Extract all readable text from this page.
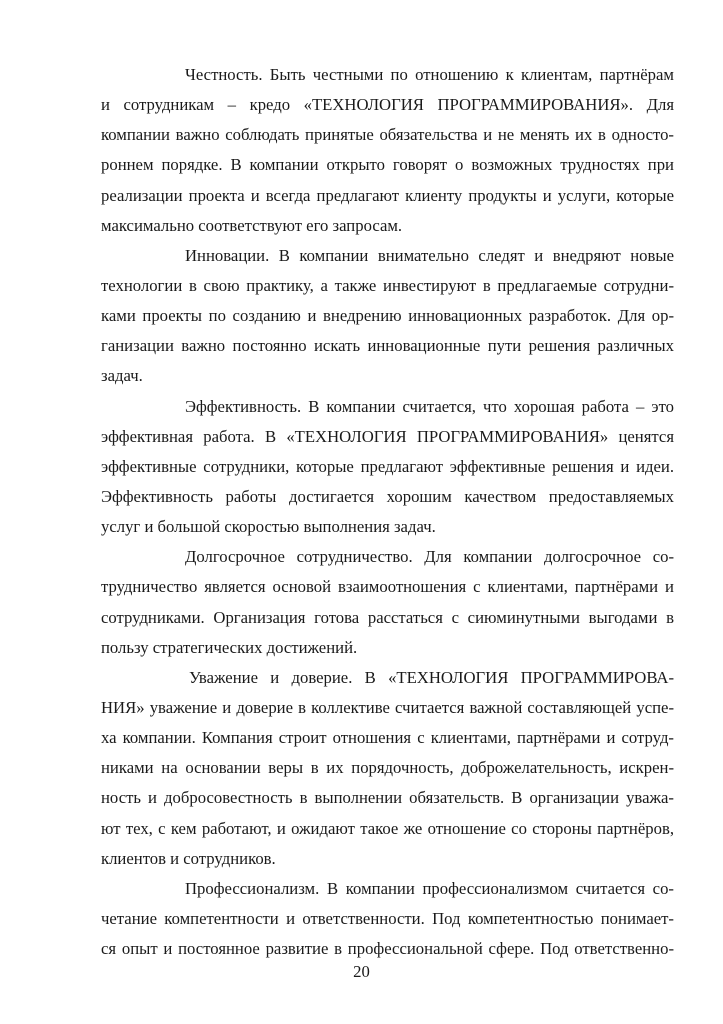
Честность. Быть честными по отношению к клиентам, партнёрам
и сотрудникам – кредо «ТЕХНОЛОГИЯ ПРОГРАММИРОВАНИЯ». Для
компании важно соблюдать принятые обязательства и не менять их в односто-
роннем порядке. В компании открыто говорят о возможных трудностях при
реализации проекта и всегда предлагают клиенту продукты и услуги, которые
максимально соответствуют его запросам.
Инновации. В компании внимательно следят и внедряют новые
технологии в свою практику, а также инвестируют в предлагаемые сотрудни-
ками проекты по созданию и внедрению инновационных разработок. Для ор-
ганизации важно постоянно искать инновационные пути решения различных
задач.
Эффективность. В компании считается, что хорошая работа – это
эффективная работа. В «ТЕХНОЛОГИЯ ПРОГРАММИРОВАНИЯ» ценятся
эффективные сотрудники, которые предлагают эффективные решения и идеи.
Эффективность работы достигается хорошим качеством предоставляемых
услуг и большой скоростью выполнения задач.
Долгосрочное сотрудничество. Для компании долгосрочное со-
трудничество является основой взаимоотношения с клиентами, партнёрами и
сотрудниками. Организация готова расстаться с сиюминутными выгодами в
пользу стратегических достижений.
Уважение и доверие. В «ТЕХНОЛОГИЯ ПРОГРАММИРОВА-
НИЯ» уважение и доверие в коллективе считается важной составляющей успе-
ха компании. Компания строит отношения с клиентами, партнёрами и сотруд-
никами на основании веры в их порядочность, доброжелательность, искрен-
ность и добросовестность в выполнении обязательств. В организации уважа-
ют тех, с кем работают, и ожидают такое же отношение со стороны партнёров,
клиентов и сотрудников.
Профессионализм. В компании профессионализмом считается со-
четание компетентности и ответственности. Под компетентностью понимает-
ся опыт и постоянное развитие в профессиональной сфере. Под ответственно-
20
